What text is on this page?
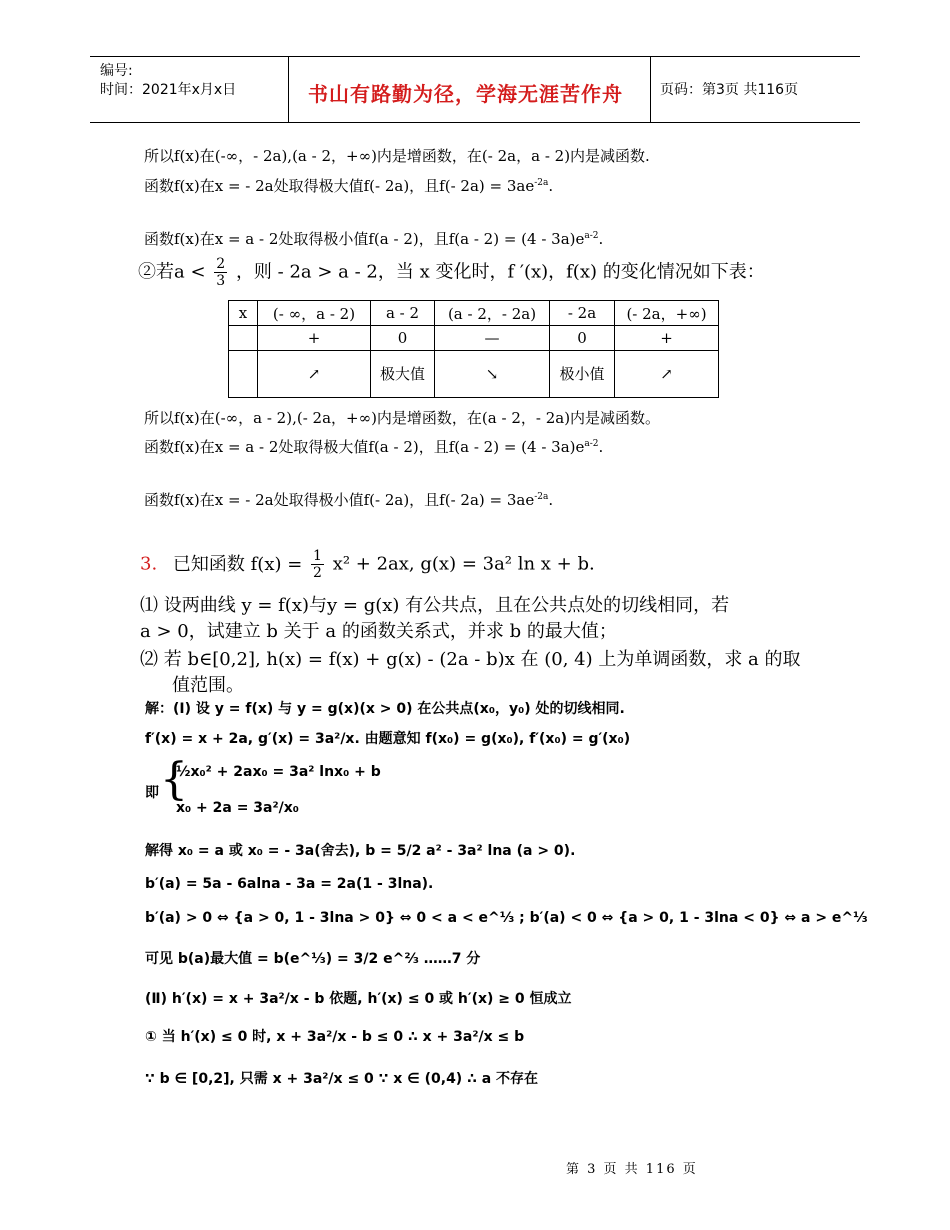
编号:
时间：2021年x月x日	书山有路勤为径，学海无涯苦作舟	页码：第3页 共116页
所以f(x)在(-∞，- 2a),(a - 2，+∞)内是增函数，在(- 2a，a - 2)内是减函数.
函数f(x)在x = - 2a处取得极大值f(- 2a)，且f(- $2a) = 3ae^{-2a}$.
函数f(x)在x = a - 2处取得极小值f(a - 2)，且$f(a - 2) = (4 - 3a)e^{a-2}$.
②若$a < \frac{2}{3}$ ，则 - 2a > a - 2，当 x 变化时，f ′(x)，f(x) 的变化情况如下表：
x	(- ∞，a - 2)	a - 2	(a - 2，- 2a)	- 2a	(- 2a，+∞)
	+	0	—	0	+
	↗	极大值	↘	极小值	↗
所以f(x)在(-∞，a - 2),(- 2a，+∞)内是增函数，在(a - 2，- 2a)内是减函数。
函数f(x)在x = a - 2处取得极大值f(a - 2)，且$f(a - 2) = (4 - 3a)e^{a-2}$.
函数f(x)在x = - 2a处取得极小值f(- 2a)，且f(- $2a) = 3ae^{-2a}$.
3. 已知函数 $f(x) = \frac{1}{2} x^2 + 2ax$, g(x) = 3a² ln x + b.
⑴ 设两曲线 y = f(x)与y = g(x) 有公共点，且在公共点处的切线相同，若
a > 0，试建立 b 关于 a 的函数关系式，并求 b 的最大值；
⑵ 若 b∈[0,2], h(x) = f(x) + g(x) - (2a - b)x 在 (0, 4) 上为单调函数，求 a 的取
值范围。
解：(Ⅰ) 设 y = f(x) 与 y = g(x)(x > 0) 在公共点(x₀，y₀) 处的切线相同.
f′(x) = x + 2a, g′(x) = 3a²/x. 由题意知 f(x₀) = g(x₀), f′(x₀) = g′(x₀)
即 {
½x₀² + 2ax₀ = 3a² lnx₀ + b
x₀ + 2a = 3a²/x₀
解得 x₀ = a 或 x₀ = - 3a(舍去), b = 5/2 a² - 3a² lna (a > 0).
b′(a) = 5a - 6alna - 3a = 2a(1 - 3lna).
b′(a) > 0 ⇔ {a > 0, 1 - 3lna > 0} ⇔ 0 < a < e^⅓ ; b′(a) < 0 ⇔ {a > 0, 1 - 3lna < 0} ⇔ a > e^⅓
可见 b(a)最大值 = b(e^⅓) = 3/2 e^⅔ ……7 分
(Ⅱ) h′(x) = x + 3a²/x - b 依题, h′(x) ≤ 0 或 h′(x) ≥ 0 恒成立
① 当 h′(x) ≤ 0 时, x + 3a²/x - b ≤ 0 ∴ x + 3a²/x ≤ b
∵ b ∈ [0,2], 只需 x + 3a²/x ≤ 0 ∵ x ∈ (0,4) ∴ a 不存在
第 3 页 共 116 页
